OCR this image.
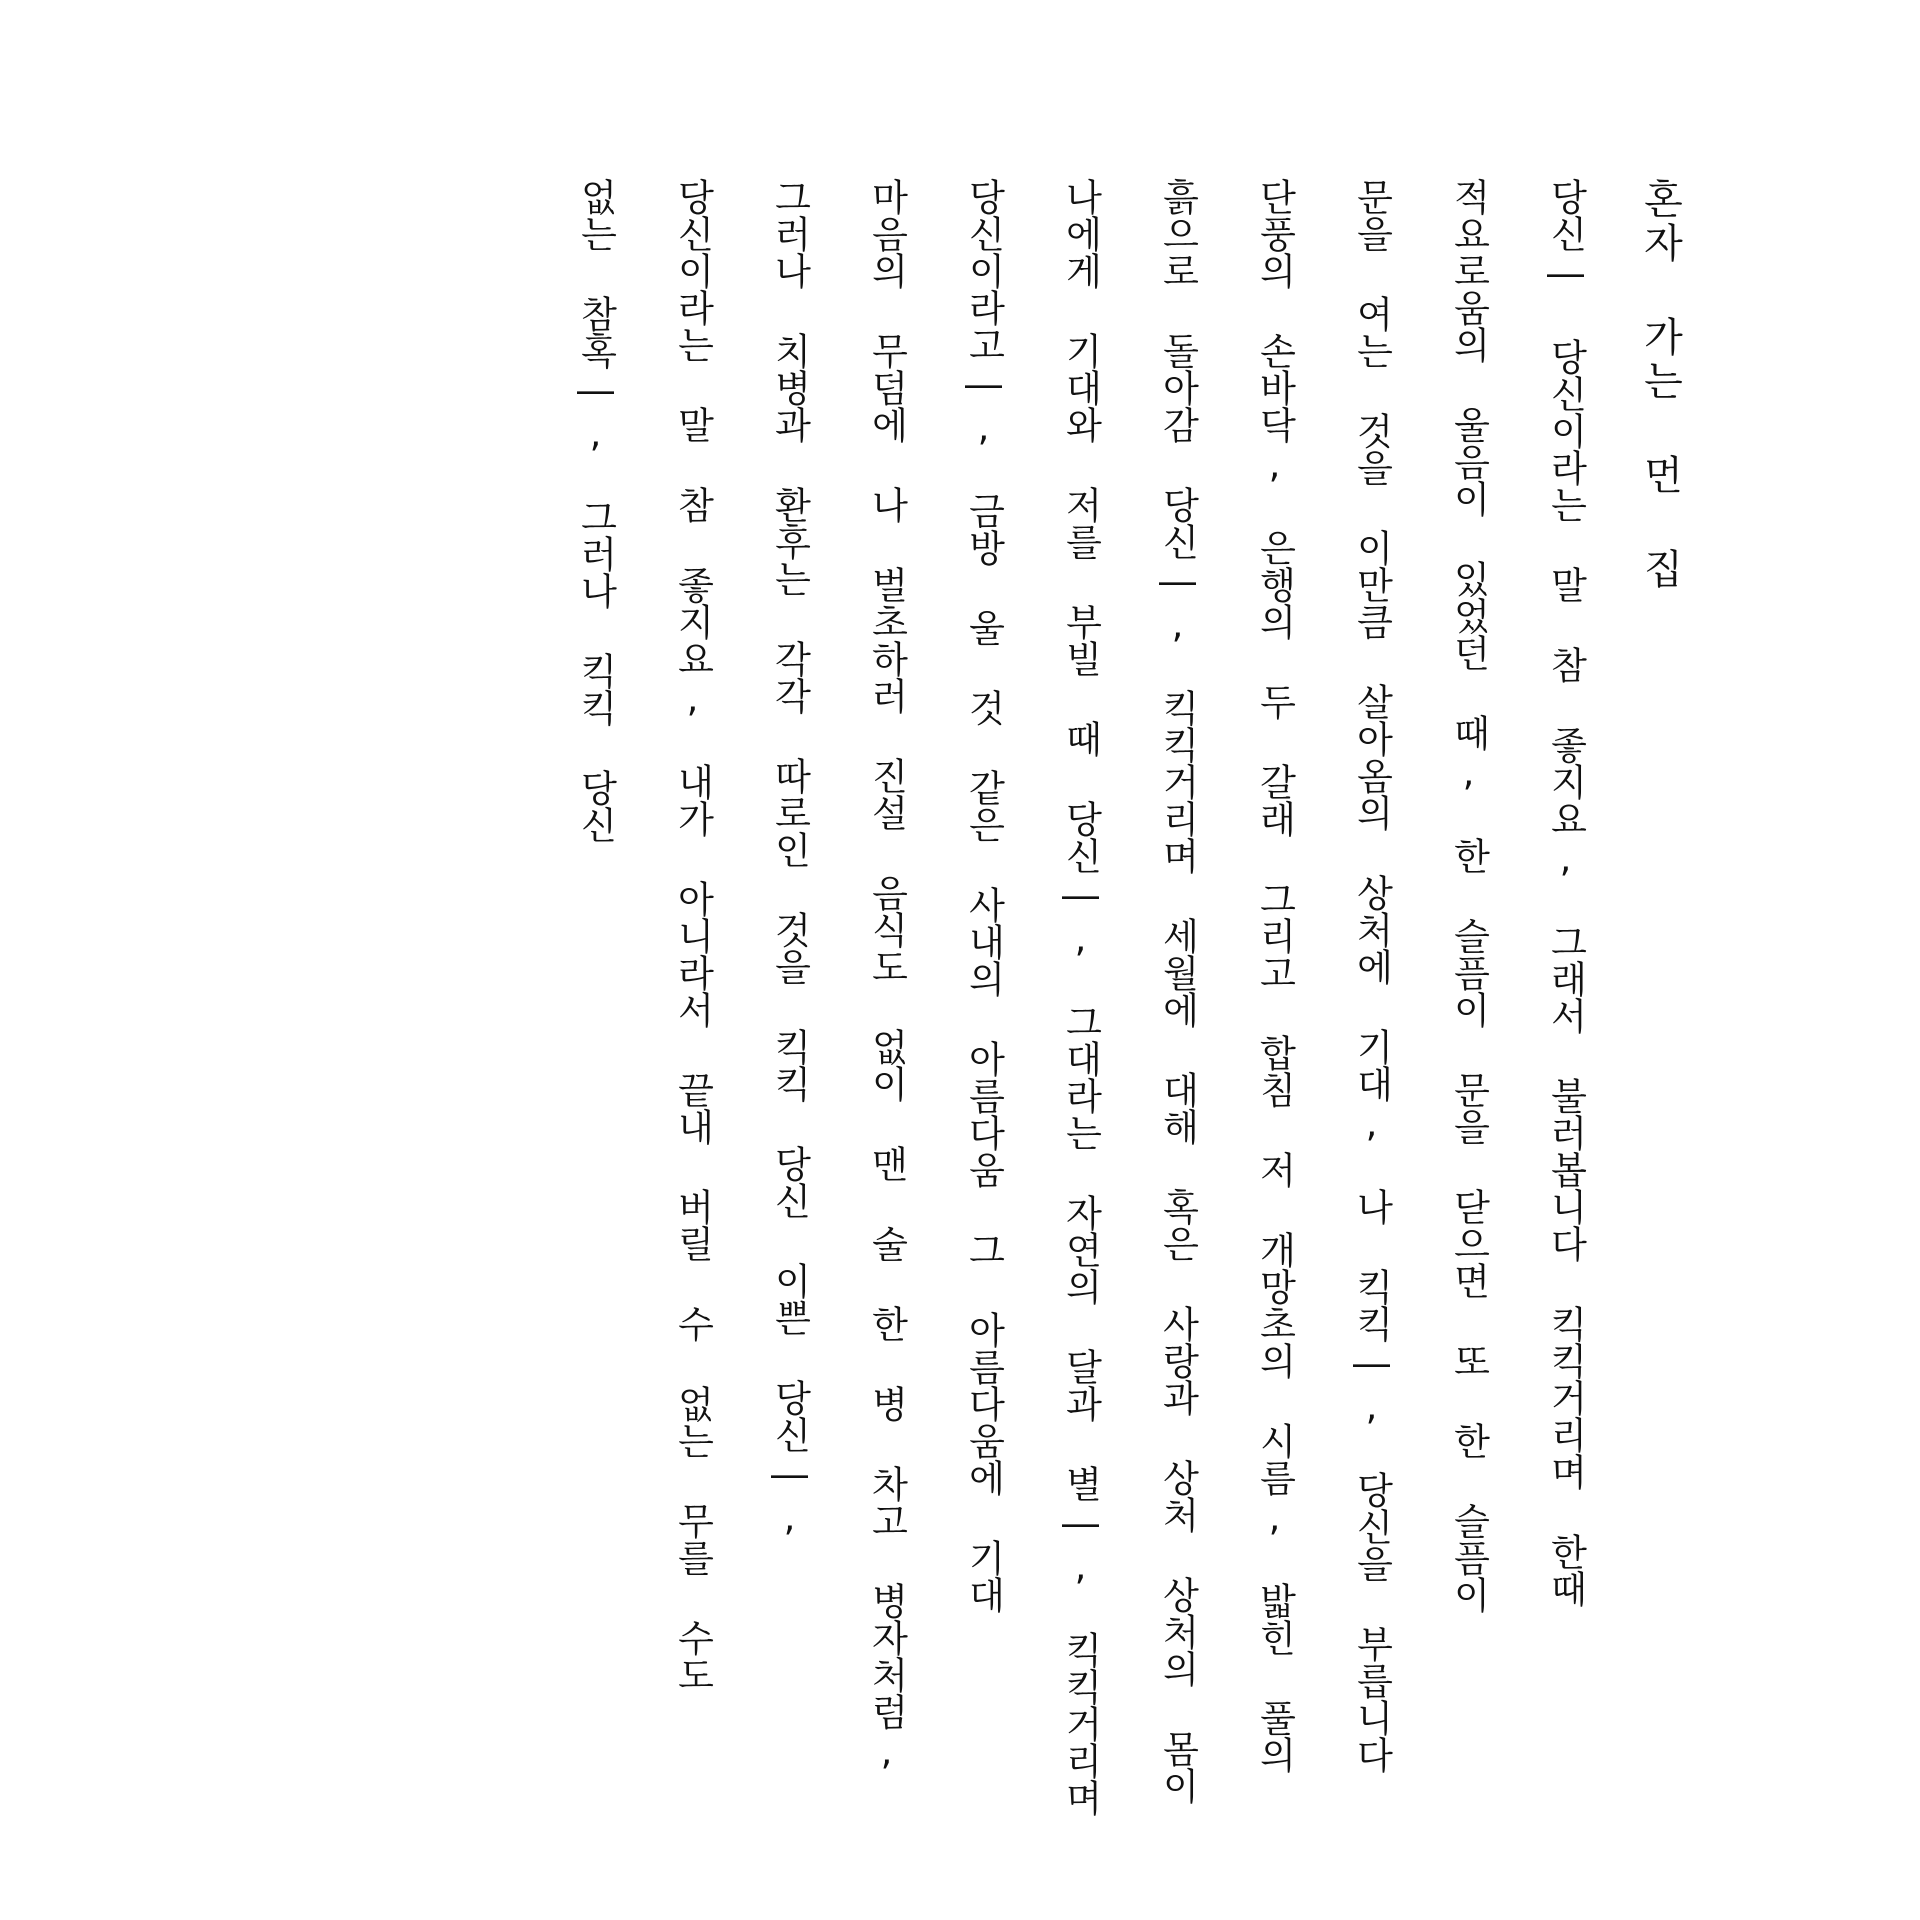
혼자 가는 먼 집
당신― 당신이라는 말 참 좋지요, 그래서 불러봅니다 킥킥거리며 한때
적요로움의 울음이 있었던 때, 한 슬픔이 문을 닫으면 또 한 슬픔이
문을 여는 것을 이만큼 살아옴의 상처에 기대, 나 킥킥―, 당신을 부릅니다
단풍의 손바닥, 은행의 두 갈래 그리고 합침 저 개망초의 시름, 밟힌 풀의
흙으로 돌아감 당신―, 킥킥거리며 세월에 대해 혹은 사랑과 상처 상처의 몸이
나에게 기대와 저를 부빌 때 당신―, 그대라는 자연의 달과 별―, 킥킥거리며
당신이라고―, 금방 울 것 같은 사내의 아름다움 그 아름다움에 기대
마음의 무덤에 나 벌초하러 진설 음식도 없이 맨 술 한 병 차고 병자처럼,
그러나 치병과 환후는 각각 따로인 것을 킥킥 당신 이쁜 당신―,
당신이라는 말 참 좋지요, 내가 아니라서 끝내 버릴 수 없는 무를 수도
없는 참혹―, 그러나 킥킥 당신
